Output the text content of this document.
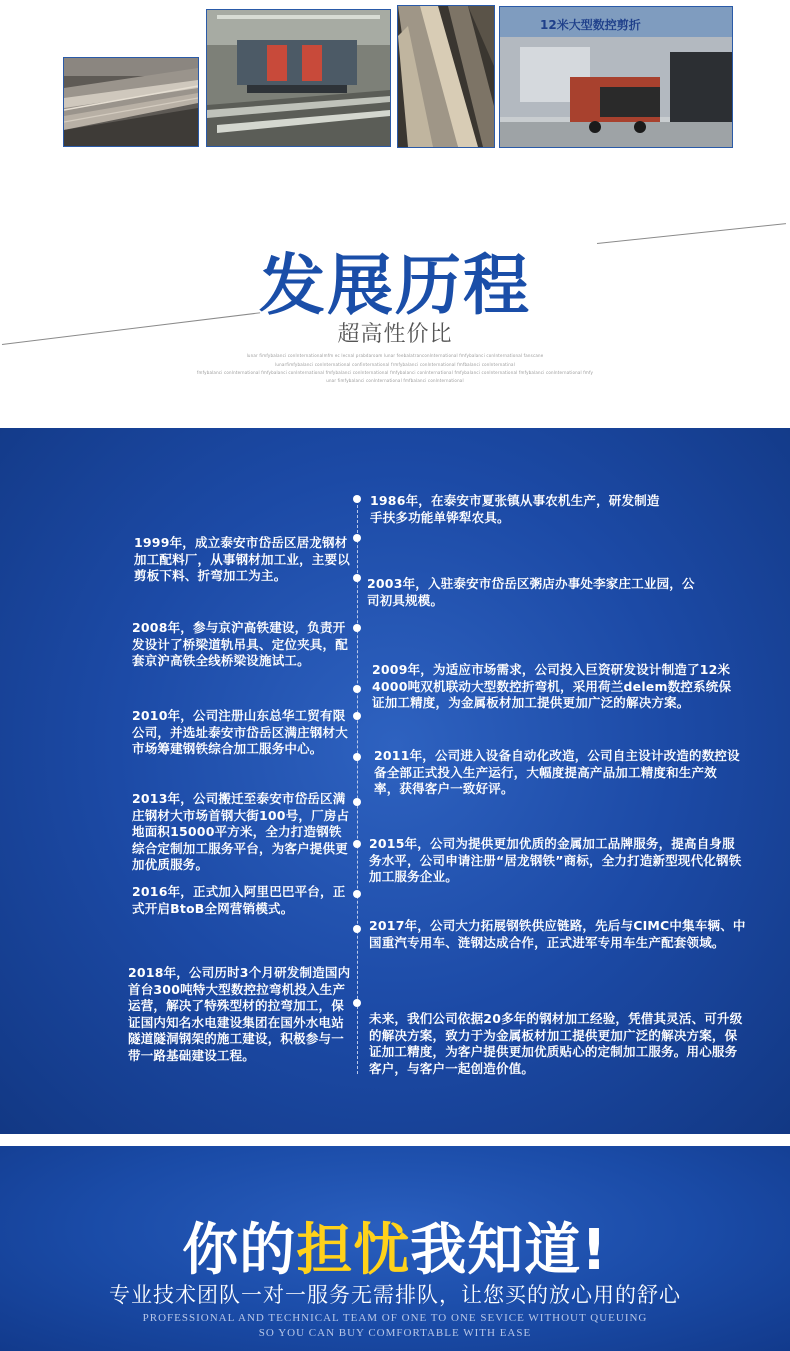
12米大型数控剪折
发展历程
超高性价比
lunar fimfybalanci conlnternationalmfm ec lecnal prabdaroam lunar feebalatranconlnternational fmfybalanci conlnternational fanscane
lunarfimfybalanci conlnternational confinternational frmfybalanci conlnternational fmfbalanci conlnternatinal
fmfybalanci conlnternational fmfybalanci conlnternational fmfybalanci conlnternational fmfybalanci conlnternational fmfybalanci conlnternational fmfybalanci conlnternational fmfy
unar fimfybalanci conlnternational fmfbalanci conlnternational

1986年，在泰安市夏张镇从事农机生产，研发制造手扶多功能单铧犁农具。

1999年，成立泰安市岱岳区居龙钢材加工配料厂，从事钢材加工业，主要以剪板下料、折弯加工为主。

2003年，入驻泰安市岱岳区粥店办事处李家庄工业园，公司初具规模。

2008年，参与京沪高铁建设，负责开发设计了桥梁道轨吊具、定位夹具，配套京沪高铁全线桥梁设施试工。

2009年，为适应市场需求，公司投入巨资研发设计制造了12米4000吨双机联动大型数控折弯机，采用荷兰delem数控系统保证加工精度，为金属板材加工提供更加广泛的解决方案。

2010年，公司注册山东总华工贸有限公司，并选址泰安市岱岳区满庄钢材大市场筹建钢铁综合加工服务中心。	2011年，公司进入设备自动化改造，公司自主设计改造的数控设备全部正式投入生产运行，大幅度提高产品加工精度和生产效率，获得客户一致好评。

2013年，公司搬迁至泰安市岱岳区满庄钢材大市场首钢大街100号，厂房占地面积15000平方米，全力打造钢铁综合定制加工服务平台，为客户提供更加优质服务。

2015年，公司为提供更加优质的金属加工品牌服务，提高自身服务水平，公司申请注册“居龙钢铁”商标，全力打造新型现代化钢铁加工服务企业。

2016年，正式加入阿里巴巴平台，正式开启BtoB全网营销模式。

2017年，公司大力拓展钢铁供应链路，先后与CIMC中集车辆、中国重汽专用车、涟钢达成合作，正式进军专用车生产配套领域。

2018年，公司历时3个月研发制造国内首台300吨特大型数控拉弯机投入生产运营，解决了特殊型材的拉弯加工，保证国内知名水电建设集团在国外水电站隧道隧洞钢架的施工建设，积极参与一带一路基础建设工程。

未来，我们公司依据20多年的钢材加工经验，凭借其灵活、可升级的解决方案，致力于为金属板材加工提供更加广泛的解决方案，保证加工精度，为客户提供更加优质贴心的定制加工服务。用心服务客户，与客户一起创造价值。

你的担忧我知道!
专业技术团队一对一服务无需排队，让您买的放心用的舒心
PROFESSIONAL AND TECHNICAL TEAM OF ONE TO ONE SEVICE WITHOUT QUEUING
SO YOU CAN BUY COMFORTABLE WITH EASE
